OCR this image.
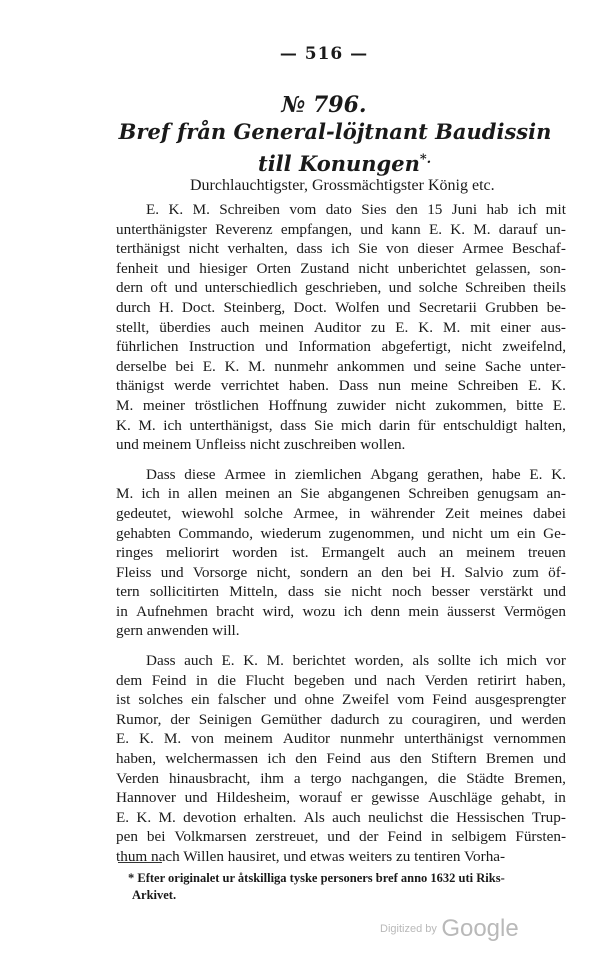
— 516 —
№ 796.
Bref från General-löjtnant Baudissin
till Konungen*.
Durchlauchtigster, Grossmächtigster König etc.
E. K. M. Schreiben vom dato Sies den 15 Juni hab ich mit
unterthänigster Reverenz empfangen, und kann E. K. M. darauf un-
terthänigst nicht verhalten, dass ich Sie von dieser Armee Beschaf-
fenheit und hiesiger Orten Zustand nicht unberichtet gelassen, son-
dern oft und unterschiedlich geschrieben, und solche Schreiben theils
durch H. Doct. Steinberg, Doct. Wolfen und Secretarii Grubben be-
stellt, überdies auch meinen Auditor zu E. K. M. mit einer aus-
führlichen Instruction und Information abgefertigt, nicht zweifelnd,
derselbe bei E. K. M. nunmehr ankommen und seine Sache unter-
thänigst werde verrichtet haben. Dass nun meine Schreiben E. K.
M. meiner tröstlichen Hoffnung zuwider nicht zukommen, bitte E.
K. M. ich unterthänigst, dass Sie mich darin für entschuldigt halten,
und meinem Unfleiss nicht zuschreiben wollen.
Dass diese Armee in ziemlichen Abgang gerathen, habe E. K.
M. ich in allen meinen an Sie abgangenen Schreiben genugsam an-
gedeutet, wiewohl solche Armee, in währender Zeit meines dabei
gehabten Commando, wiederum zugenommen, und nicht um ein Ge-
ringes meliorirt worden ist. Ermangelt auch an meinem treuen
Fleiss und Vorsorge nicht, sondern an den bei H. Salvio zum öf-
tern sollicitirten Mitteln, dass sie nicht noch besser verstärkt und
in Aufnehmen bracht wird, wozu ich denn mein äusserst Vermögen
gern anwenden will.
Dass auch E. K. M. berichtet worden, als sollte ich mich vor
dem Feind in die Flucht begeben und nach Verden retirirt haben,
ist solches ein falscher und ohne Zweifel vom Feind ausgesprengter
Rumor, der Seinigen Gemüther dadurch zu couragiren, und werden
E. K. M. von meinem Auditor nunmehr unterthänigst vernommen
haben, welchermassen ich den Feind aus den Stiftern Bremen und
Verden hinausbracht, ihm a tergo nachgangen, die Städte Bremen,
Hannover und Hildesheim, worauf er gewisse Auschläge gehabt, in
E. K. M. devotion erhalten. Als auch neulichst die Hessischen Trup-
pen bei Volkmarsen zerstreuet, und der Feind in selbigem Fürsten-
thum nach Willen hausiret, und etwas weiters zu tentiren Vorha-
* Efter originalet ur åtskilliga tyske personers bref anno 1632 uti Riks-
Arkivet.
Digitized by Google
